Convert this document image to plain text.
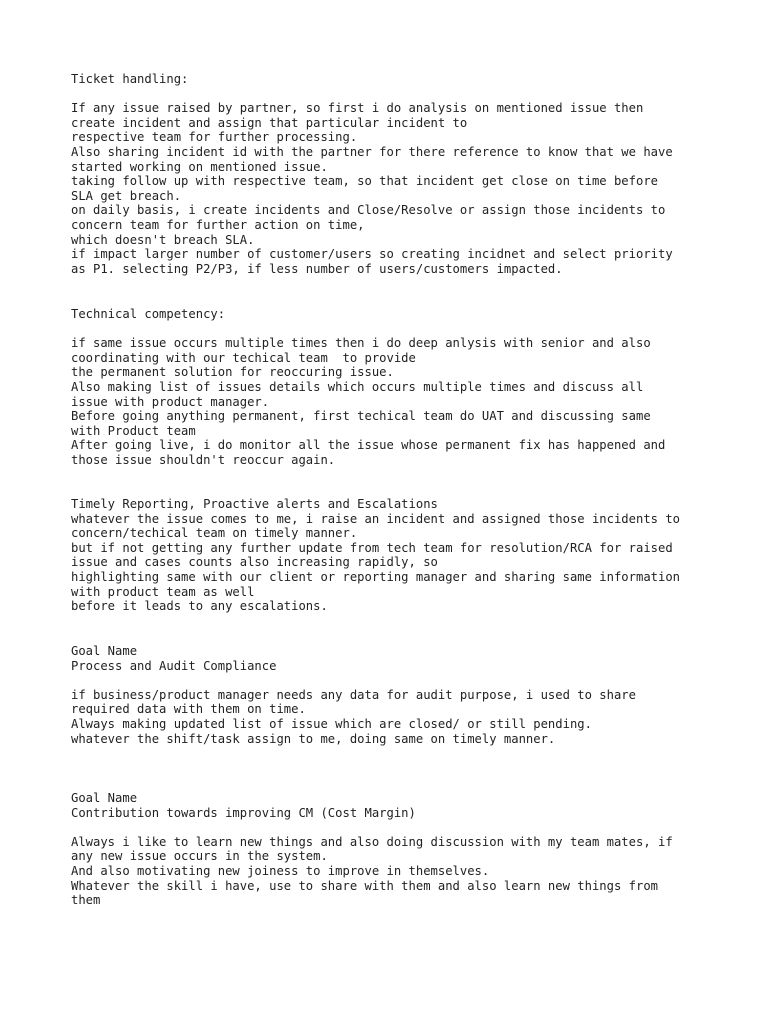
Ticket handling:
If any issue raised by partner, so first i do analysis on mentioned issue then
create incident and assign that particular incident to
respective team for further processing.
Also sharing incident id with the partner for there reference to know that we have
started working on mentioned issue.
taking follow up with respective team, so that incident get close on time before
SLA get breach.
on daily basis, i create incidents and Close/Resolve or assign those incidents to
concern team for further action on time,
which doesn't breach SLA.
if impact larger number of customer/users so creating incidnet and select priority
as P1. selecting P2/P3, if less number of users/customers impacted.
Technical competency:
if same issue occurs multiple times then i do deep anlysis with senior and also
coordinating with our techical team  to provide
the permanent solution for reoccuring issue.
Also making list of issues details which occurs multiple times and discuss all
issue with product manager.
Before going anything permanent, first techical team do UAT and discussing same
with Product team
After going live, i do monitor all the issue whose permanent fix has happened and
those issue shouldn't reoccur again.
Timely Reporting, Proactive alerts and Escalations
whatever the issue comes to me, i raise an incident and assigned those incidents to
concern/techical team on timely manner.
but if not getting any further update from tech team for resolution/RCA for raised
issue and cases counts also increasing rapidly, so
highlighting same with our client or reporting manager and sharing same information
with product team as well
before it leads to any escalations.
Goal Name
Process and Audit Compliance
if business/product manager needs any data for audit purpose, i used to share
required data with them on time.
Always making updated list of issue which are closed/ or still pending.
whatever the shift/task assign to me, doing same on timely manner.
Goal Name
Contribution towards improving CM (Cost Margin)
Always i like to learn new things and also doing discussion with my team mates, if
any new issue occurs in the system.
And also motivating new joiness to improve in themselves.
Whatever the skill i have, use to share with them and also learn new things from
them
